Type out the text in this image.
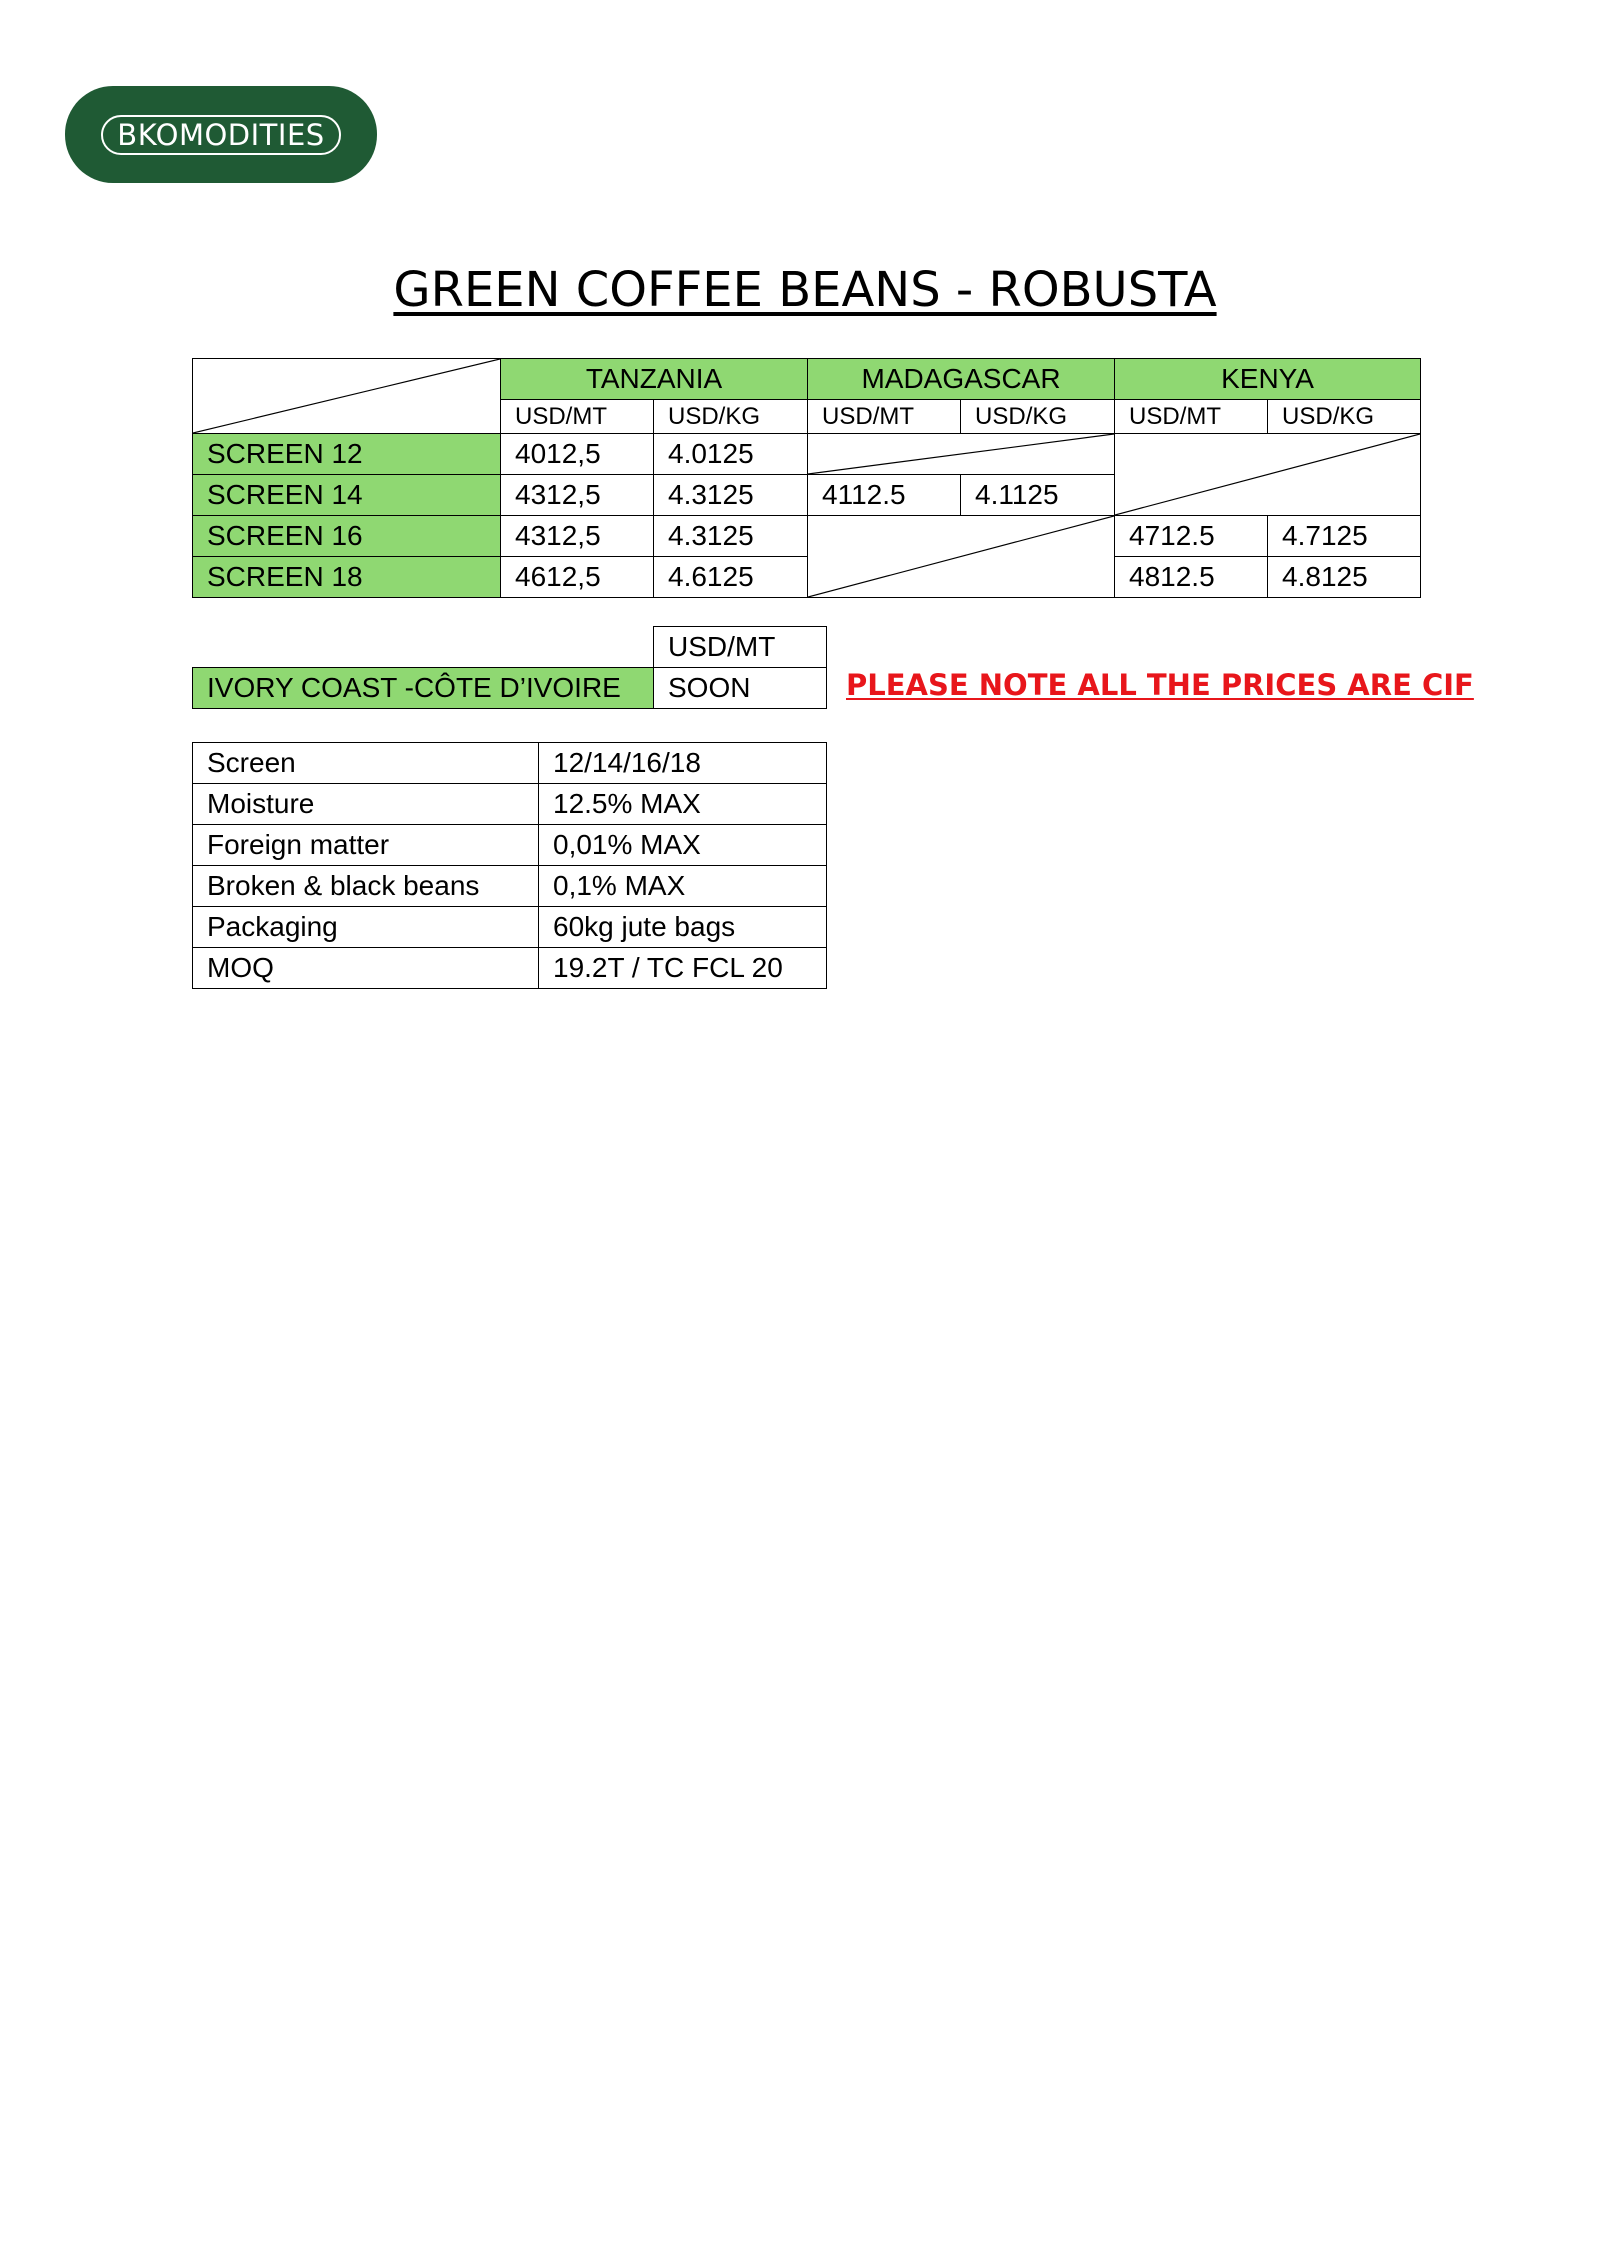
BKOMODITIES
GREEN COFFEE BEANS - ROBUSTA
	TANZANIA		MADAGASCAR		KENYA	
	USD/MT	USD/KG	USD/MT	USD/KG	USD/MT	USD/KG
SCREEN 12	4012,5	4.0125	

SCREEN 14	4312,5	4.3125	4112.5	4.1125		
SCREEN 16	4312,5	4.3125			4712.5	4.7125
SCREEN 18	4612,5	4.6125			4812.5	4.8125
	USD/MT
IVORY COAST -CÔTE D’IVOIRE	SOON	PLEASE NOTE ALL THE PRICES ARE CIF
Screen	12/14/16/18
Moisture	12.5% MAX
Foreign matter	0,01% MAX
Broken & black beans	0,1% MAX
Packaging	60kg jute bags
MOQ	19.2T / TC FCL 20
